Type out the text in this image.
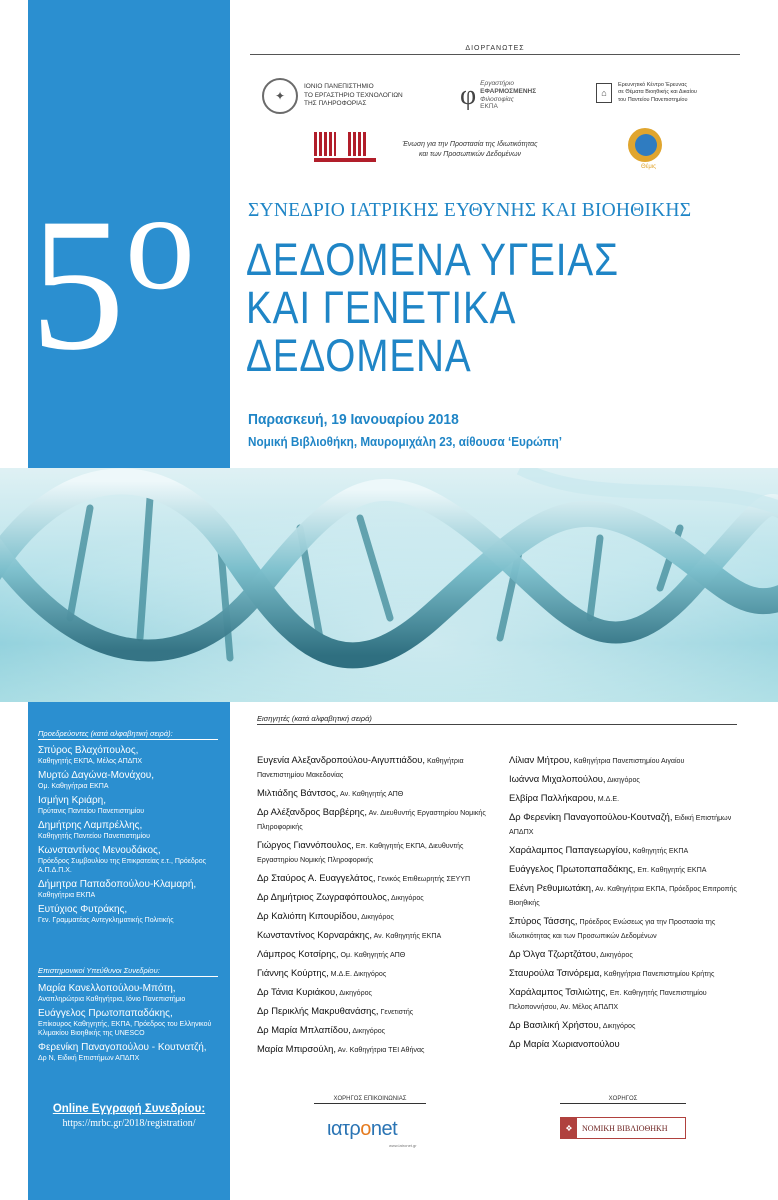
5ο
ΔΙΟΡΓΑΝΩΤΕΣ
✦
ΙΟΝΙΟ ΠΑΝΕΠΙΣΤΗΜΙΟ
ΤΟ ΕΡΓΑΣΤΗΡΙΟ ΤΕΧΝΟΛΟΓΙΩΝ
ΤΗΣ ΠΛΗΡΟΦΟΡΙΑΣ	φ Εργαστήριο
ΕΦΑΡΜΟΣΜΕΝΗΣ
Φιλοσοφίας
ΕΚΠΑ
⌂
Ερευνητικό Κέντρο Έρευνας
σε Θέματα Βιοηθικής και Δικαίου
του Παντείου Πανεπιστημίου
Ένωση για την Προστασία της Ιδιωτικότητας
και των Προσωπικών Δεδομένων
Θέμις
ΣΥΝΕΔΡΙΟ ΙΑΤΡΙΚΗΣ ΕΥΘΥΝΗΣ ΚΑΙ ΒΙΟΗΘΙΚΗΣ
ΔΕΔΟΜΕΝΑ ΥΓΕΙΑΣ
ΚΑΙ ΓΕΝΕΤΙΚΑ
ΔΕΔΟΜΕΝΑ
Παρασκευή, 19 Ιανουαρίου 2018
Νομική Βιβλιοθήκη, Μαυρομιχάλη 23, αίθουσα ‘Ευρώπη’
Προεδρεύοντες (κατά αλφαβητική σειρά):
Σπύρος Βλαχόπουλος,
Καθηγητής ΕΚΠΑ, Μέλος ΑΠΔΠΧ
Μυρτώ Δαγώνα-Μονάχου,
Ομ. Καθηγήτρια ΕΚΠΑ
Ισμήνη Κριάρη,
Πρύτανις Παντείου Πανεπιστημίου
Δημήτρης Λαμπρέλλης,
Καθηγητής Παντείου Πανεπιστημίου
Κωνσταντίνος Μενουδάκος,
Πρόεδρος Συμβουλίου της Επικρατείας ε.τ., Πρόεδρος Α.Π.Δ.Π.Χ.
Δήμητρα Παπαδοπούλου-Κλαμαρή,
Καθηγήτρια ΕΚΠΑ
Ευτύχιος Φυτράκης,
Γεν. Γραμματέας Αντεγκληματικής Πολιτικής
Επιστημονικοί Υπεύθυνοι Συνεδρίου:
Μαρία Κανελλοπούλου-Μπότη,
Αναπληρώτρια Καθηγήτρια, Ιόνιο Πανεπιστήμιο
Ευάγγελος Πρωτοπαπαδάκης,
Επίκουρος Καθηγητής, ΕΚΠΑ, Πρόεδρος του Ελληνικού Κλιμακίου Βιοηθικής της UNESCO
Φερενίκη Παναγοπούλου - Κουτνατζή,
Δρ Ν, Ειδική Επιστήμων ΑΠΔΠΧ
Online Εγγραφή Συνεδρίου:
https://mrbc.gr/2018/registration/
Εισηγητές (κατά αλφαβητική σειρά)
Ευγενία Αλεξανδροπούλου-Αιγυπτιάδου, Καθηγήτρια Πανεπιστημίου Μακεδονίας
Μιλτιάδης Βάντσος, Αν. Καθηγητής ΑΠΘ
Δρ Αλέξανδρος Βαρβέρης, Αν. Διευθυντής Εργαστηρίου Νομικής Πληροφορικής
Γιώργος Γιαννόπουλος, Επ. Καθηγητής ΕΚΠΑ, Διευθυντής Εργαστηρίου Νομικής Πληροφορικής
Δρ Σταύρος Α. Ευαγγελάτος, Γενικός Επιθεωρητής ΣΕΥΥΠ
Δρ Δημήτριος Ζωγραφόπουλος, Δικηγόρος
Δρ Καλιόπη Κιπουρίδου, Δικηγόρος
Κωνσταντίνος Κορναράκης, Αν. Καθηγητής ΕΚΠΑ
Λάμπρος Κοτσίρης, Ομ. Καθηγητής ΑΠΘ
Γιάννης Κούρτης, Μ.Δ.Ε. Δικηγόρος
Δρ Τάνια Κυριάκου, Δικηγόρος
Δρ Περικλής Μακρυθανάσης, Γενετιστής
Δρ Μαρία Μπλαπίδου, Δικηγόρος
Μαρία Μπιρσούλη, Αν. Καθηγήτρια ΤΕΙ Αθήνας
Λίλιαν Μήτρου, Καθηγήτρια Πανεπιστημίου Αιγαίου
Ιωάννα Μιχαλοπούλου, Δικηγόρος
Ελβίρα Παλλήκαρου, Μ.Δ.Ε.
Δρ Φερενίκη Παναγοπούλου-Κουτναζή, Ειδική Επιστήμων ΑΠΔΠΧ
Χαράλαμπος Παπαγεωργίου, Καθηγητής ΕΚΠΑ
Ευάγγελος Πρωτοπαπαδάκης, Επ. Καθηγητής ΕΚΠΑ
Ελένη Ρεθυμιωτάκη, Αν. Καθηγήτρια ΕΚΠΑ, Πρόεδρος Επιτροπής Βιοηθικής
Σπύρος Τάσσης, Πρόεδρος Ενώσεως για την Προστασία της Ιδιωτικότητας και των Προσωπικών Δεδομένων
Δρ Όλγα Τζωρτζάτου, Δικηγόρος
Σταυρούλα Τσινόρεμα, Καθηγήτρια Πανεπιστημίου Κρήτης
Χαράλαμπος Τσιλιώτης, Επ. Καθηγητής Πανεπιστημίου Πελοποννήσου, Αν. Μέλος ΑΠΔΠΧ
Δρ Βασιλική Χρήστου, Δικηγόρος
Δρ Μαρία Χωριανοπούλου
ΧΟΡΗΓΟΣ ΕΠΙΚΟΙΝΩΝΙΑΣ
ιατροnet
www.iatronet.gr
ΧΟΡΗΓΟΣ
❖	ΝΟΜΙΚΗ ΒΙΒΛΙΟΘΗΚΗ
